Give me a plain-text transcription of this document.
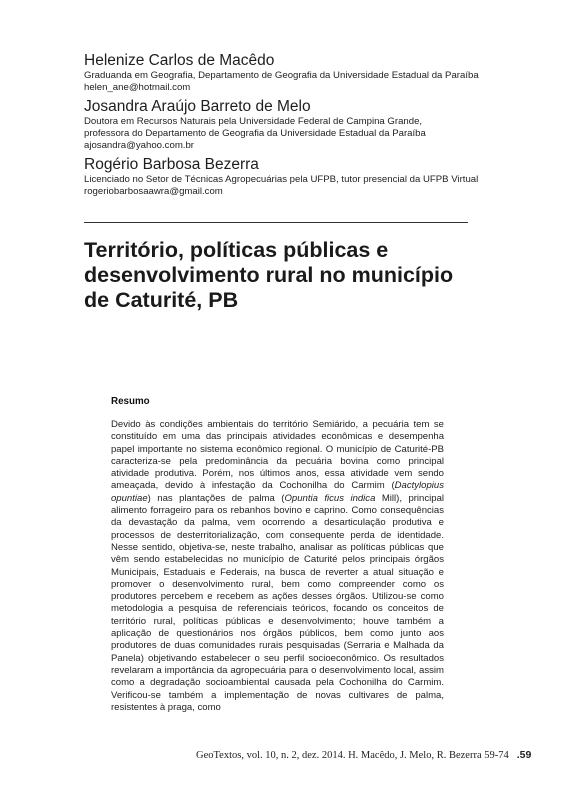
Helenize Carlos de Macêdo
Graduanda em Geografia, Departamento de Geografia da Universidade Estadual da Paraíba
helen_ane@hotmail.com
Josandra Araújo Barreto de Melo
Doutora em Recursos Naturais pela Universidade Federal de Campina Grande, professora do Departamento de Geografia da Universidade Estadual da Paraíba
ajosandra@yahoo.com.br
Rogério Barbosa Bezerra
Licenciado no Setor de Técnicas Agropecuárias pela UFPB, tutor presencial da UFPB Virtual
rogeriobarbosaawra@gmail.com
Território, políticas públicas e desenvolvimento rural no município de Caturité, PB
Resumo

Devido às condições ambientais do território Semiárido, a pecuária tem se constituído em uma das principais atividades econômicas e desempenha papel importante no sistema econômico regional. O município de Caturité-PB caracteriza-se pela predominância da pecuária bovina como principal atividade produtiva. Porém, nos últimos anos, essa atividade vem sendo ameaçada, devido à infestação da Cochonilha do Carmim (Dactylopius opuntiae) nas plantações de palma (Opuntia ficus indica Mill), principal alimento forrageiro para os rebanhos bovino e caprino. Como consequências da devastação da palma, vem ocorrendo a desarticulação produtiva e processos de desterritorialização, com consequente perda de identidade. Nesse sentido, objetiva-se, neste trabalho, analisar as políticas públicas que vêm sendo estabelecidas no município de Caturité pelos principais órgãos Municipais, Estaduais e Federais, na busca de reverter a atual situação e promover o desenvolvimento rural, bem como compreender como os produtores percebem e recebem as ações desses órgãos. Utilizou-se como metodologia a pesquisa de referenciais teóricos, focando os conceitos de território rural, políticas públicas e desenvolvimento; houve também a aplicação de questionários nos órgãos públicos, bem como junto aos produtores de duas comunidades rurais pesquisadas (Serraria e Malhada da Panela) objetivando estabelecer o seu perfil socioeconômico. Os resultados revelaram a importância da agropecuária para o desenvolvimento local, assim como a degradação socioambiental causada pela Cochonilha do Carmim. Verificou-se também a implementação de novas cultivares de palma, resistentes à praga, como

GeoTextos, vol. 10, n. 2, dez. 2014. H. Macêdo, J. Melo, R. Bezerra 59-74 .59
